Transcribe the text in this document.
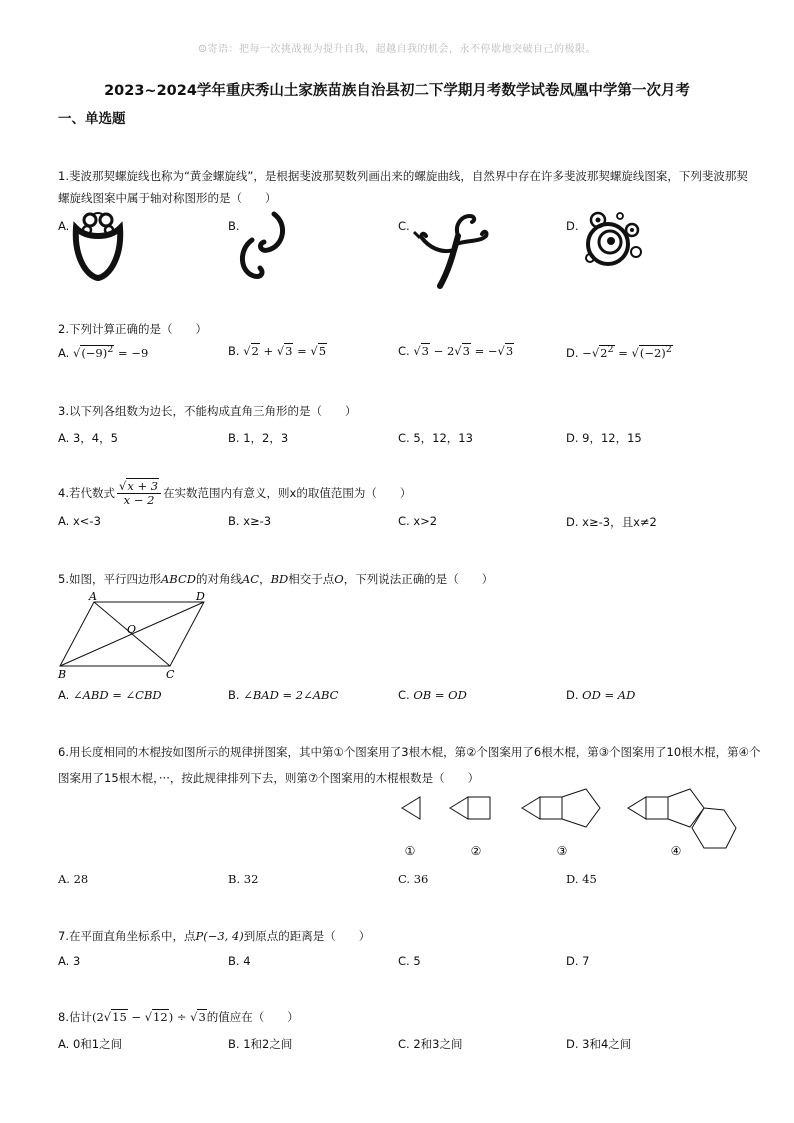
☺寄语：把每一次挑战视为提升自我，超越自我的机会，永不停歇地突破自己的极限。
2023~2024学年重庆秀山土家族苗族自治县初二下学期月考数学试卷凤凰中学第一次月考
一、单选题
1.斐波那契螺旋线也称为“黄金螺旋线”，是根据斐波那契数列画出来的螺旋曲线，自然界中存在许多斐波那契螺旋线图案，下列斐波那契
螺旋线图案中属于轴对称图形的是（　　）
A.	B.	C.	D.
2.下列计算正确的是（　　）
A. $√(-9)^2 = -9$	B. √2 + √3 = √5	C. √3 − 2√3 = −√3	D. $-√2^2 = √(-2)^2$
3.以下列各组数为边长，不能构成直角三角形的是（　　）
A. 3，4，5	B. 1，2，3	C. 5，12，13	D. 9，12，15
4.若代数式 $\frac{√x + 3}{x - 2}$ 在实数范围内有意义，则x的取值范围为（　　）
A. x<-3	B. x≥-3	C. x>2	D. x≥-3，且x≠2
5.如图，平行四边形ABCD的对角线AC，BD相交于点O，下列说法正确的是（　　）
A	D
B	C
O
A. ∠ABD = ∠CBD	B. ∠BAD = 2∠ABC	C. OB = OD	D. OD = AD
6.用长度相同的木棍按如图所示的规律拼图案，其中第①个图案用了3根木棍，第②个图案用了6根木棍，第③个图案用了10根木棍，第④个
图案用了15根木棍，···，按此规律排列下去，则第⑦个图案用的木棍根数是（　　）
①	②	③	④
A. 28	B. 32	C. 36	D. 45
7.在平面直角坐标系中，点P(−3, 4)到原点的距离是（　　）
A. 3	B. 4	C. 5	D. 7
8.估计(2√15 − √12) ÷ √3的值应在（　　）
A. 0和1之间	B. 1和2之间	C. 2和3之间	D. 3和4之间
